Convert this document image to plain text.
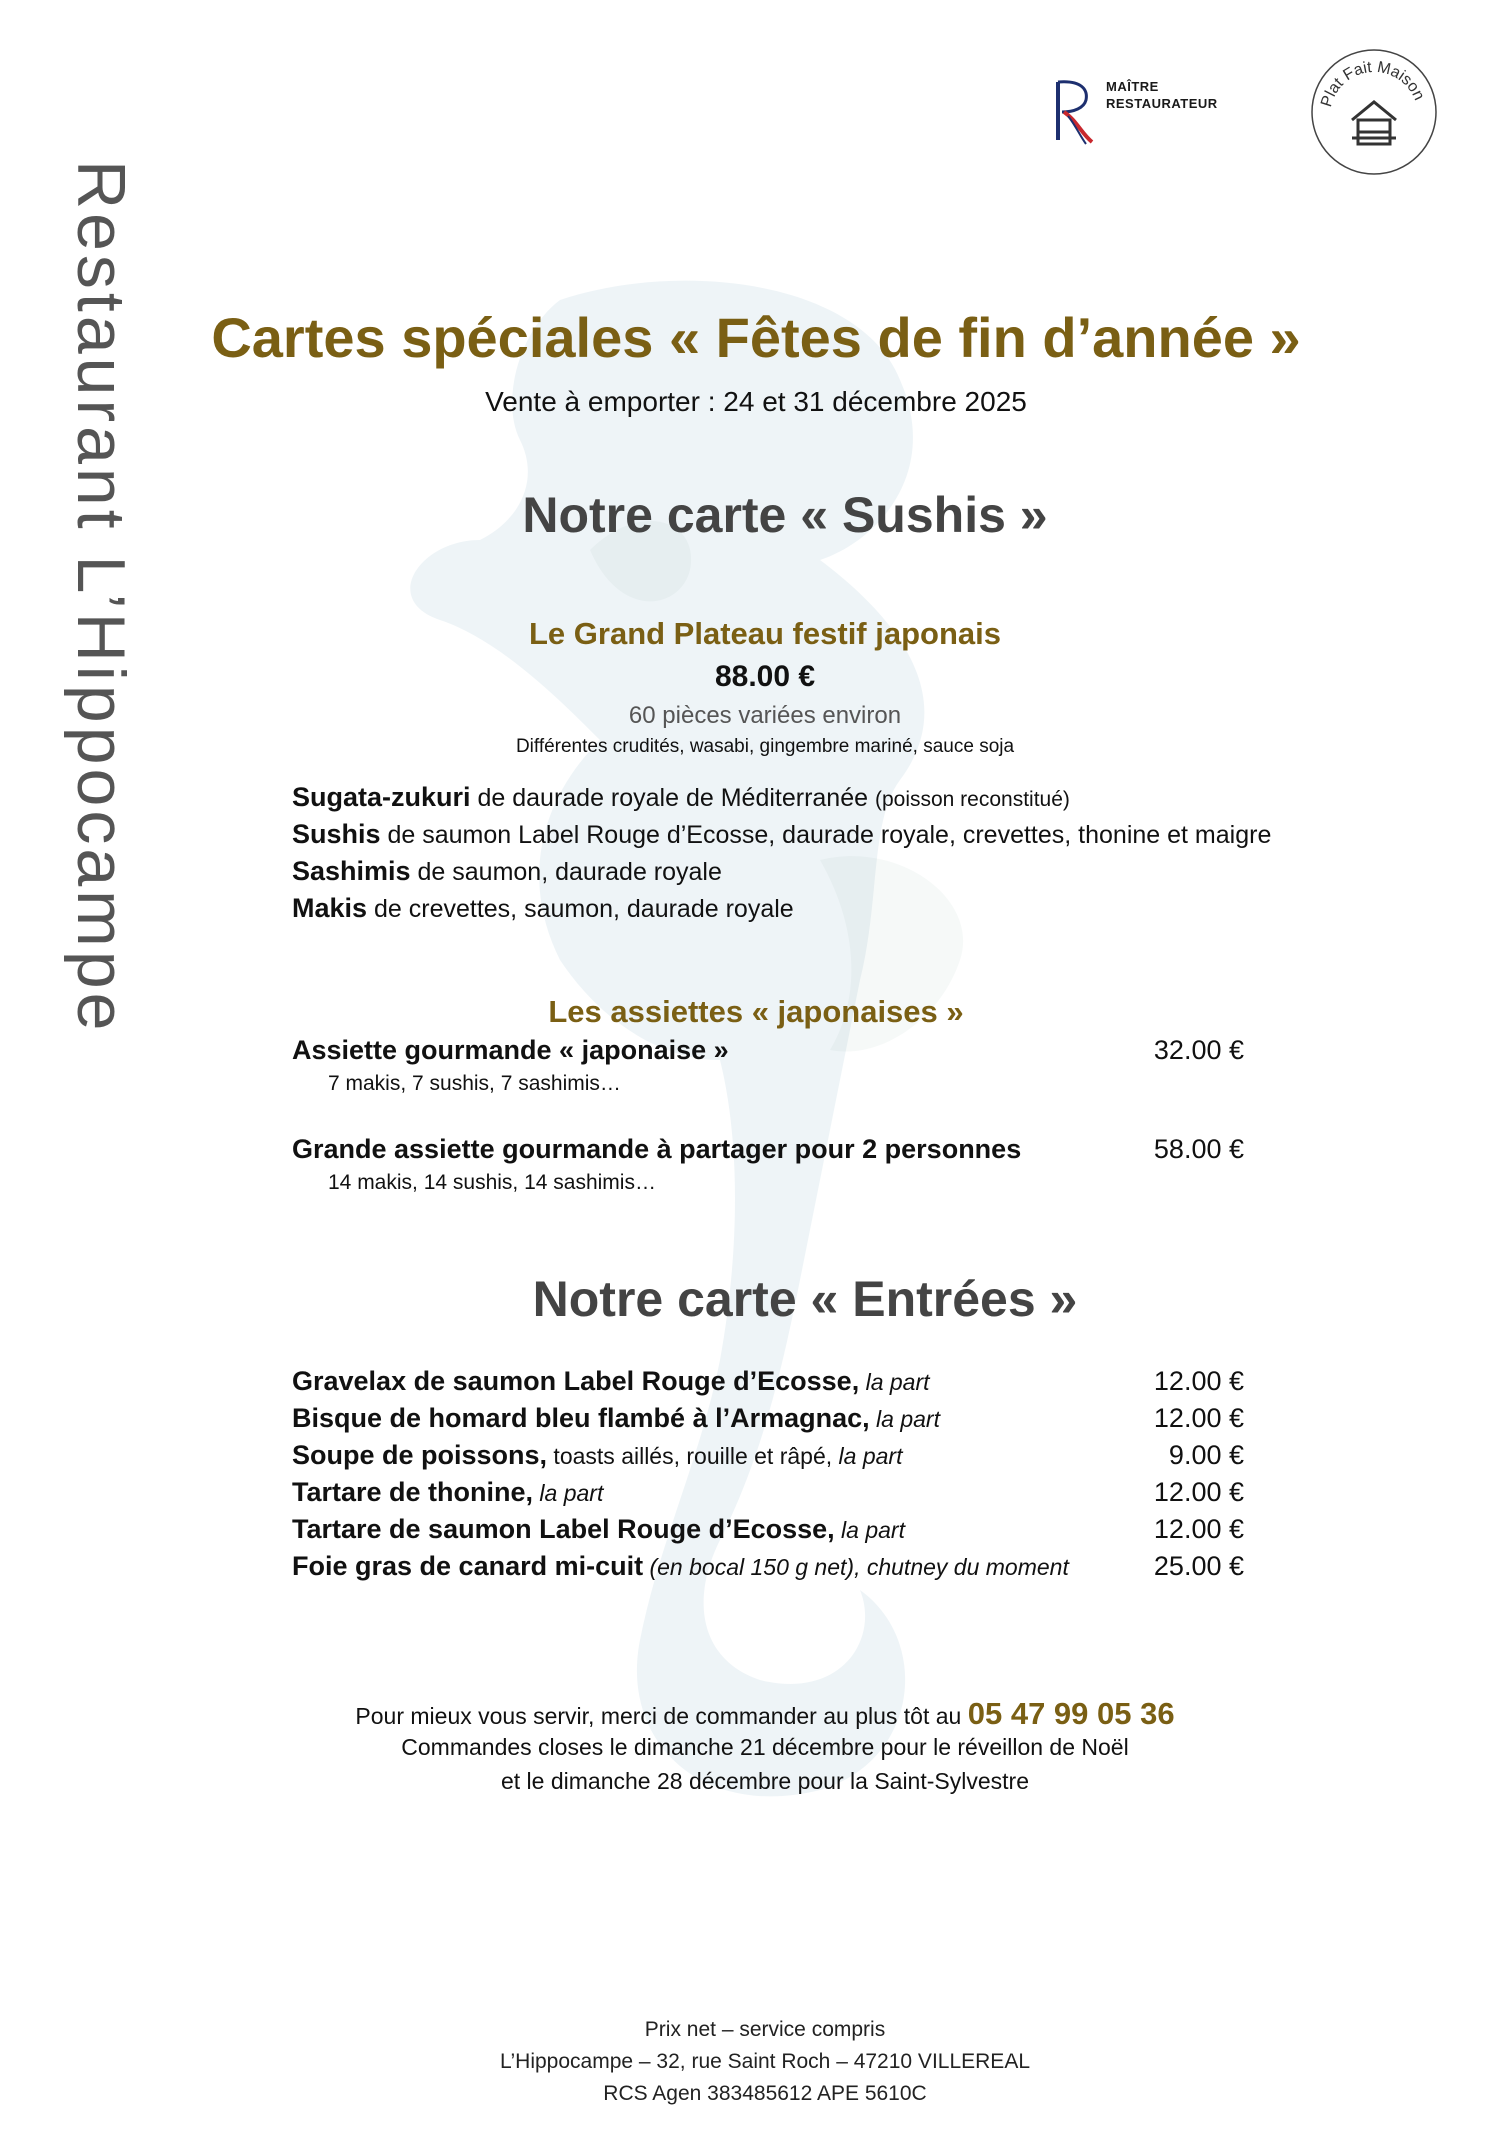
Restaurant L’Hippocampe
MAÎTRE
RESTAURATEUR	Plat Fait Maison
Cartes spéciales « Fêtes de fin d’année »
Vente à emporter : 24 et 31 décembre 2025
Notre carte « Sushis »
Le Grand Plateau festif japonais
88.00 €
60 pièces variées environ
Différentes crudités, wasabi, gingembre mariné, sauce soja
Sugata-zukuri de daurade royale de Méditerranée (poisson reconstitué)
Sushis de saumon Label Rouge d’Ecosse, daurade royale, crevettes, thonine et maigre
Sashimis de saumon, daurade royale
Makis de crevettes, saumon, daurade royale
Les assiettes « japonaises »
Assiette gourmande « japonaise »	32.00 €
7 makis, 7 sushis, 7 sashimis…
Grande assiette gourmande à partager pour 2 personnes	58.00 €
14 makis, 14 sushis, 14 sashimis…
Notre carte « Entrées »
Gravelax de saumon Label Rouge d’Ecosse, la part	12.00 €
Bisque de homard bleu flambé à l’Armagnac, la part	12.00 €
Soupe de poissons, toasts aillés, rouille et râpé, la part	9.00 €
Tartare de thonine, la part	12.00 €
Tartare de saumon Label Rouge d’Ecosse, la part	12.00 €
Foie gras de canard mi-cuit (en bocal 150 g net), chutney du moment	25.00 €
Pour mieux vous servir, merci de commander au plus tôt au 05 47 99 05 36
Commandes closes le dimanche 21 décembre pour le réveillon de Noël
et le dimanche 28 décembre pour la Saint-Sylvestre
Prix net – service compris
L’Hippocampe – 32, rue Saint Roch – 47210 VILLEREAL
RCS Agen 383485612 APE 5610C
